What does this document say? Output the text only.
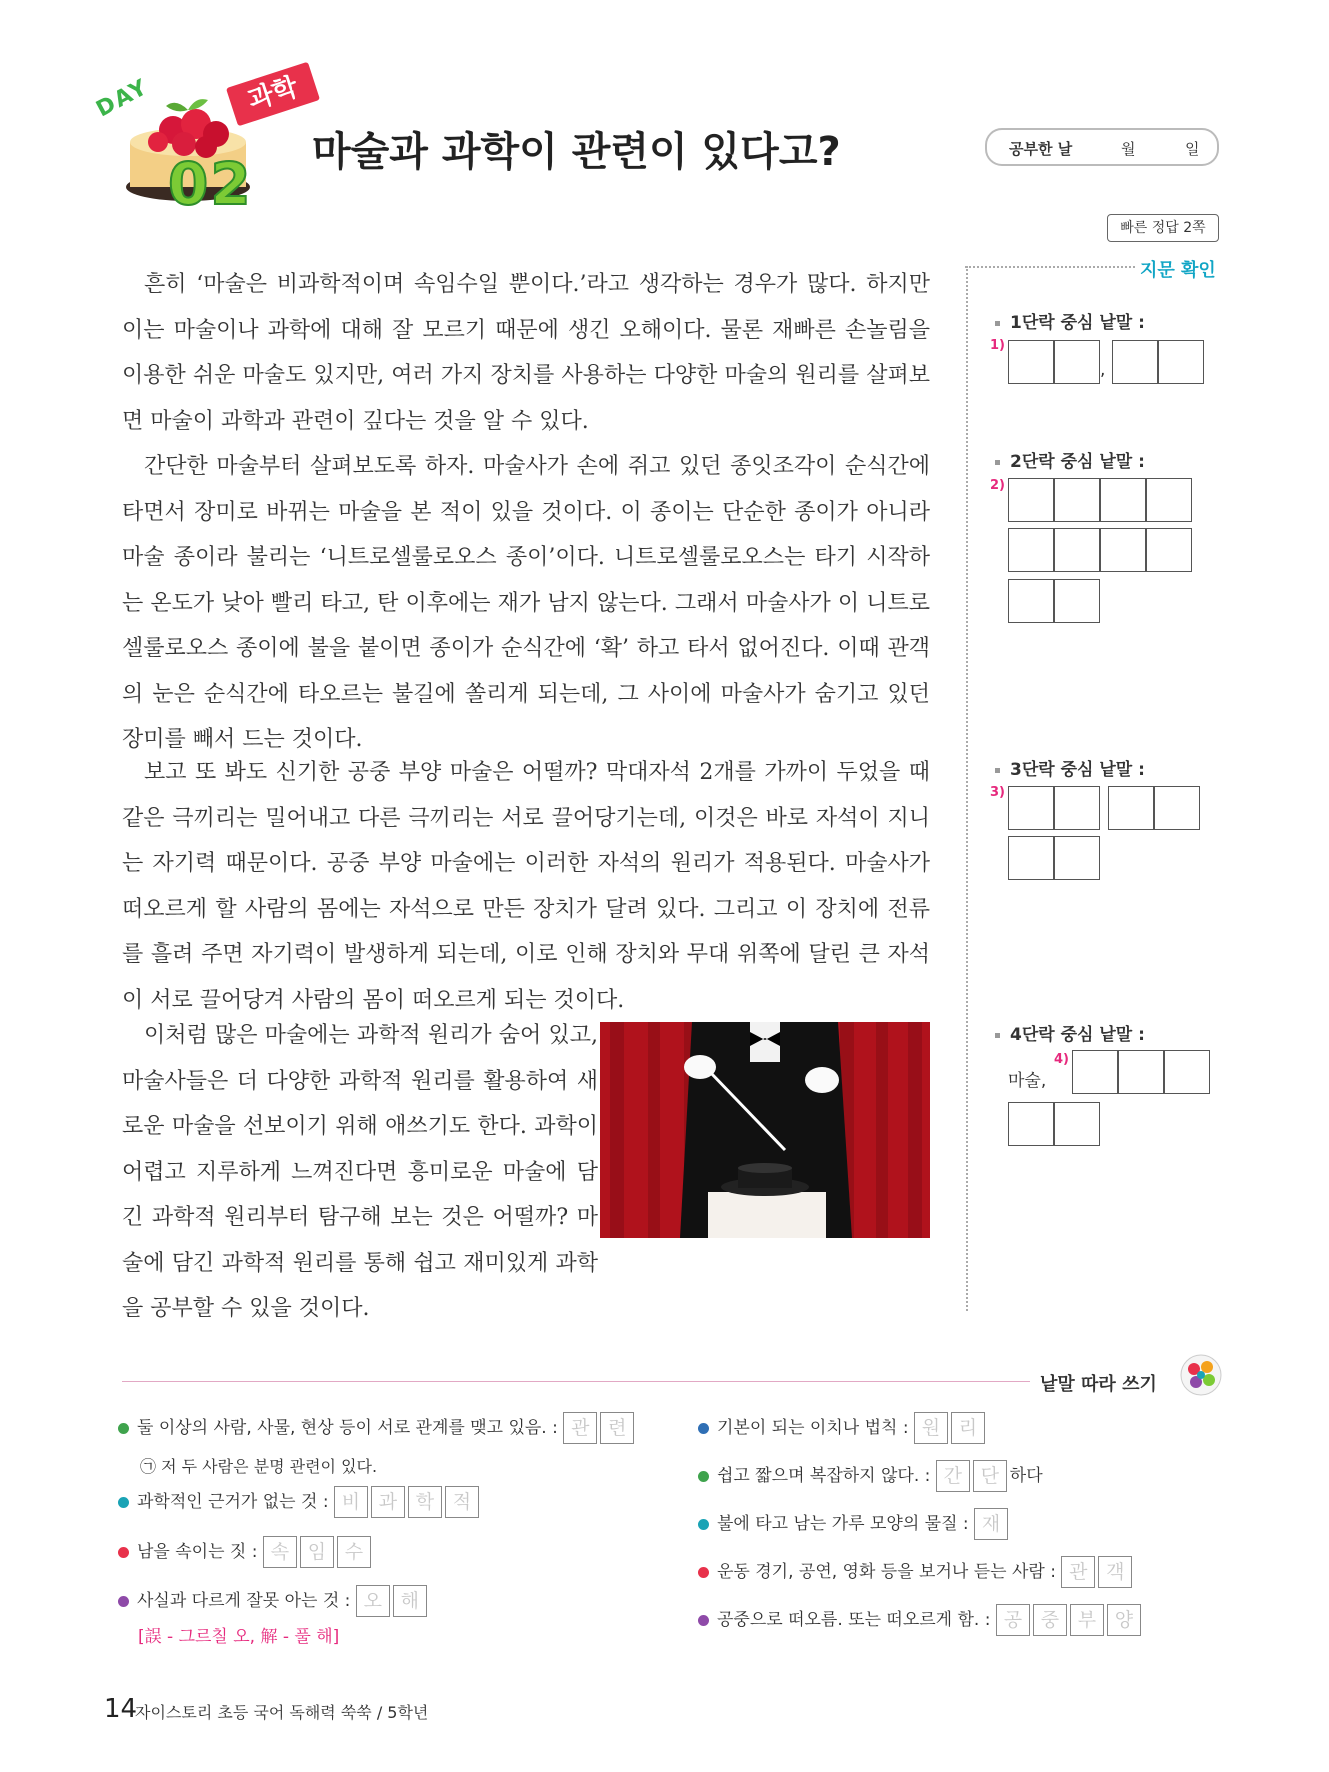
DAY
02
과학
마술과 과학이 관련이 있다고?	공부한 날	월	일
빠른 정답 2쪽

흔히 ‘마술은 비과학적이며 속임수일 뿐이다.’라고 생각하는 경우가 많다. 하지만 이는 마술이나 과학에 대해 잘 모르기 때문에 생긴 오해이다. 물론 재빠른 손놀림을 이용한 쉬운 마술도 있지만, 여러 가지 장치를 사용하는 다양한 마술의 원리를 살펴보면 마술이 과학과 관련이 깊다는 것을 알 수 있다.

간단한 마술부터 살펴보도록 하자. 마술사가 손에 쥐고 있던 종잇조각이 순식간에 타면서 장미로 바뀌는 마술을 본 적이 있을 것이다. 이 종이는 단순한 종이가 아니라 마술 종이라 불리는 ‘니트로셀룰로오스 종이’이다. 니트로셀룰로오스는 타기 시작하는 온도가 낮아 빨리 타고, 탄 이후에는 재가 남지 않는다. 그래서 마술사가 이 니트로셀룰로오스 종이에 불을 붙이면 종이가 순식간에 ‘확’ 하고 타서 없어진다. 이때 관객의 눈은 순식간에 타오르는 불길에 쏠리게 되는데, 그 사이에 마술사가 숨기고 있던 장미를 빼서 드는 것이다.

보고 또 봐도 신기한 공중 부양 마술은 어떨까? 막대자석 2개를 가까이 두었을 때 같은 극끼리는 밀어내고 다른 극끼리는 서로 끌어당기는데, 이것은 바로 자석이 지니는 자기력 때문이다. 공중 부양 마술에는 이러한 자석의 원리가 적용된다. 마술사가 떠오르게 할 사람의 몸에는 자석으로 만든 장치가 달려 있다. 그리고 이 장치에 전류를 흘려 주면 자기력이 발생하게 되는데, 이로 인해 장치와 무대 위쪽에 달린 큰 자석이 서로 끌어당겨 사람의 몸이 떠오르게 되는 것이다.

이처럼 많은 마술에는 과학적 원리가 숨어 있고, 마술사들은 더 다양한 과학적 원리를 활용하여 새로운 마술을 선보이기 위해 애쓰기도 한다. 과학이 어렵고 지루하게 느껴진다면 흥미로운 마술에 담긴 과학적 원리부터 탐구해 보는 것은 어떨까? 마술에 담긴 과학적 원리를 통해 쉽고 재미있게 과학을 공부할 수 있을 것이다.

지문 확인
1단락 중심 낱말 :
1)
,
2단락 중심 낱말 :
2)
3단락 중심 낱말 :
3)
4단락 중심 낱말 :
마술,
4)
낱말 따라 쓰기
둘 이상의 사람, 사물, 현상 등이 서로 관계를 맺고 있음. : 관 련
㉠ 저 두 사람은 분명 관련이 있다.
과학적인 근거가 없는 것 : 비 과 학 적
남을 속이는 짓 : 속 임 수
사실과 다르게 잘못 아는 것 : 오 해
[誤 - 그르칠 오, 解 - 풀 해]
기본이 되는 이치나 법칙 : 원 리
쉽고 짧으며 복잡하지 않다. : 간 단 하다
불에 타고 남는 가루 모양의 물질 : 재
운동 경기, 공연, 영화 등을 보거나 듣는 사람 : 관 객
공중으로 떠오름. 또는 떠오르게 함. : 공 중 부 양
14
자이스토리 초등 국어 독해력 쑥쑥 / 5학년
